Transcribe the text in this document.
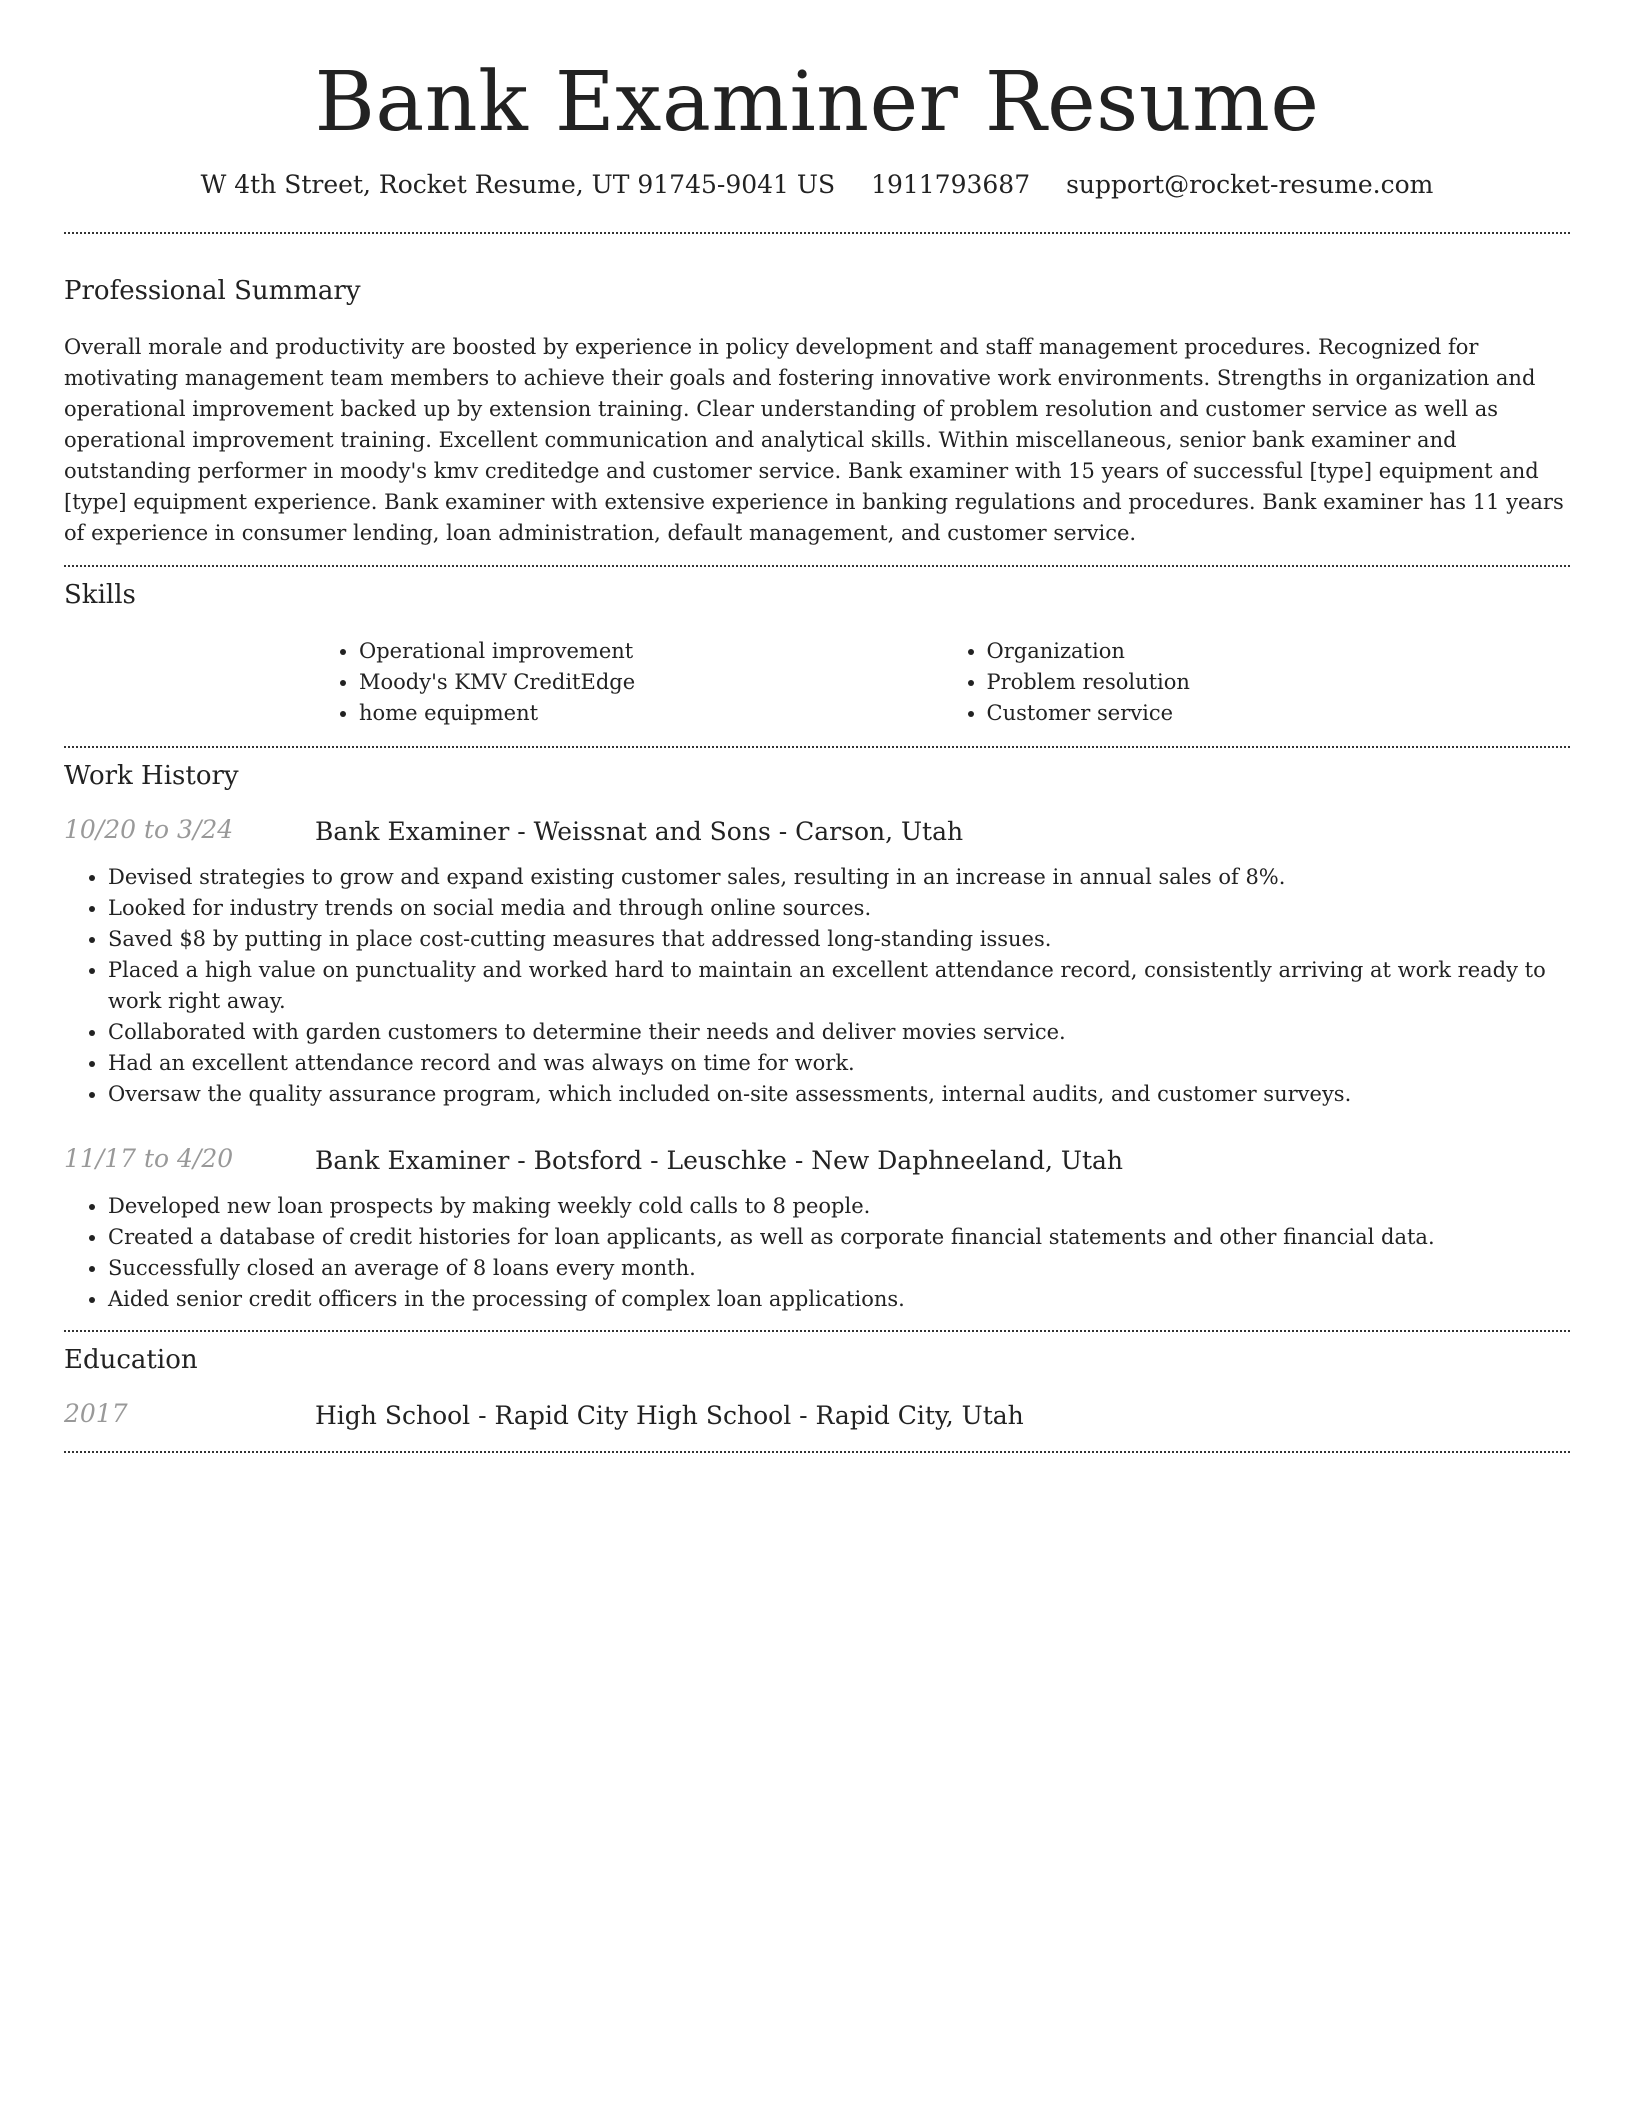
Bank Examiner Resume
W 4th Street, Rocket Resume, UT 91745-9041 US 1911793687 support@rocket-resume.com
Professional Summary

Overall morale and productivity are boosted by experience in policy development and staff management procedures. Recognized for motivating management team members to achieve their goals and fostering innovative work environments. Strengths in organization and operational improvement backed up by extension training. Clear understanding of problem resolution and customer service as well as operational improvement training. Excellent communication and analytical skills. Within miscellaneous, senior bank examiner and outstanding performer in moody's kmv creditedge and customer service. Bank examiner with 15 years of successful [type] equipment and [type] equipment experience. Bank examiner with extensive experience in banking regulations and procedures. Bank examiner has 11 years of experience in consumer lending, loan administration, default management, and customer service.

Skills
• Operational improvement
• Moody's KMV CreditEdge
• home equipment
• Organization
• Problem resolution
• Customer service
Work History
10/20 to 3/24	Bank Examiner - Weissnat and Sons - Carson, Utah
• Devised strategies to grow and expand existing customer sales, resulting in an increase in annual sales of 8%.
• Looked for industry trends on social media and through online sources.
• Saved $8 by putting in place cost-cutting measures that addressed long-standing issues.
• Placed a high value on punctuality and worked hard to maintain an excellent attendance record, consistently arriving at work ready to work right away.
• Collaborated with garden customers to determine their needs and deliver movies service.
• Had an excellent attendance record and was always on time for work.
• Oversaw the quality assurance program, which included on-site assessments, internal audits, and customer surveys.
11/17 to 4/20	Bank Examiner - Botsford - Leuschke - New Daphneeland, Utah
• Developed new loan prospects by making weekly cold calls to 8 people.
• Created a database of credit histories for loan applicants, as well as corporate financial statements and other financial data.
• Successfully closed an average of 8 loans every month.
• Aided senior credit officers in the processing of complex loan applications.
Education
2017	High School - Rapid City High School - Rapid City, Utah
